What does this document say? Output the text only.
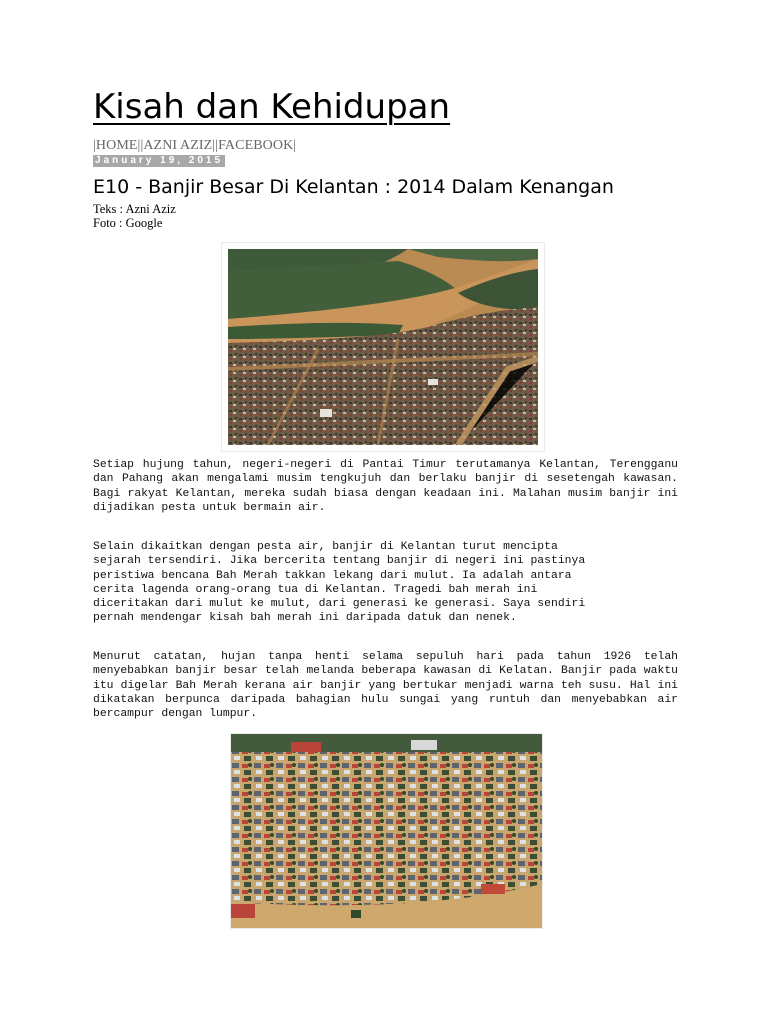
Kisah dan Kehidupan
|HOME||AZNI AZIZ||FACEBOOK|
January 19, 2015
E10 - Banjir Besar Di Kelantan : 2014 Dalam Kenangan
Teks : Azni Aziz
Foto : Google

Setiap hujung tahun, negeri-negeri di Pantai Timur terutamanya Kelantan, Terengganu dan Pahang akan mengalami musim tengkujuh dan berlaku banjir di sesetengah kawasan. Bagi rakyat Kelantan, mereka sudah biasa dengan keadaan ini. Malahan musim banjir ini dijadikan pesta untuk bermain air.

Selain dikaitkan dengan pesta air, banjir di Kelantan turut mencipta
sejarah tersendiri. Jika bercerita tentang banjir di negeri ini pastinya
peristiwa bencana Bah Merah takkan lekang dari mulut. Ia adalah antara
cerita lagenda orang-orang tua di Kelantan. Tragedi bah merah ini
diceritakan dari mulut ke mulut, dari generasi ke generasi. Saya sendiri
pernah mendengar kisah bah merah ini daripada datuk dan nenek.

Menurut catatan, hujan tanpa henti selama sepuluh hari pada tahun 1926 telah menyebabkan banjir besar telah melanda beberapa kawasan di Kelatan. Banjir pada waktu itu digelar Bah Merah kerana air banjir yang bertukar menjadi warna teh susu. Hal ini dikatakan berpunca daripada bahagian hulu sungai yang runtuh dan menyebabkan air bercampur dengan lumpur.
